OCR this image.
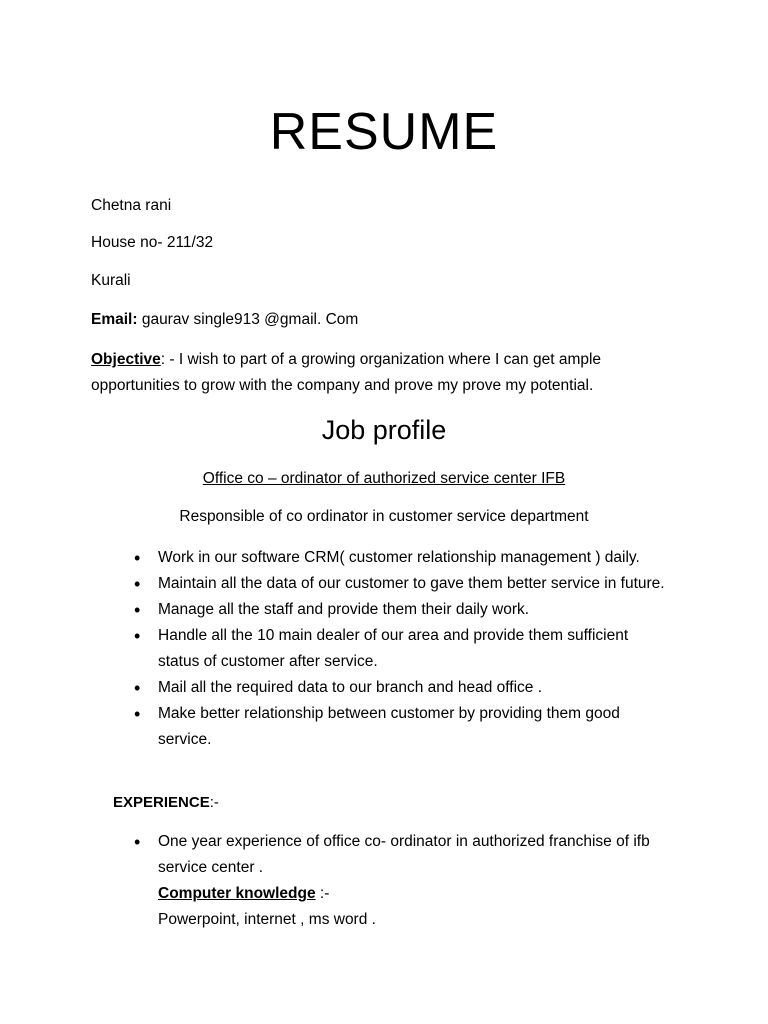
RESUME
Chetna rani
House no- 211/32
Kurali
Email: gaurav single913 @gmail. Com
Objective: - I wish to part of a growing organization where I can get ample opportunities to grow with the company and prove my prove my potential.
Job profile
Office co – ordinator of authorized service center IFB
Responsible of co ordinator in customer service department
• Work in our software CRM( customer relationship management ) daily.
• Maintain all the data of our customer to gave them better service in future.
• Manage all the staff and provide them their daily work.
• Handle all the 10 main dealer of our area and provide them sufficient status of customer after service.
• Mail all the required data to our branch and head office .
• Make better relationship between customer by providing them good service.
EXPERIENCE:-
• One year experience of office co- ordinator in authorized franchise of ifb service center .
Computer knowledge :-
Powerpoint, internet , ms word .
